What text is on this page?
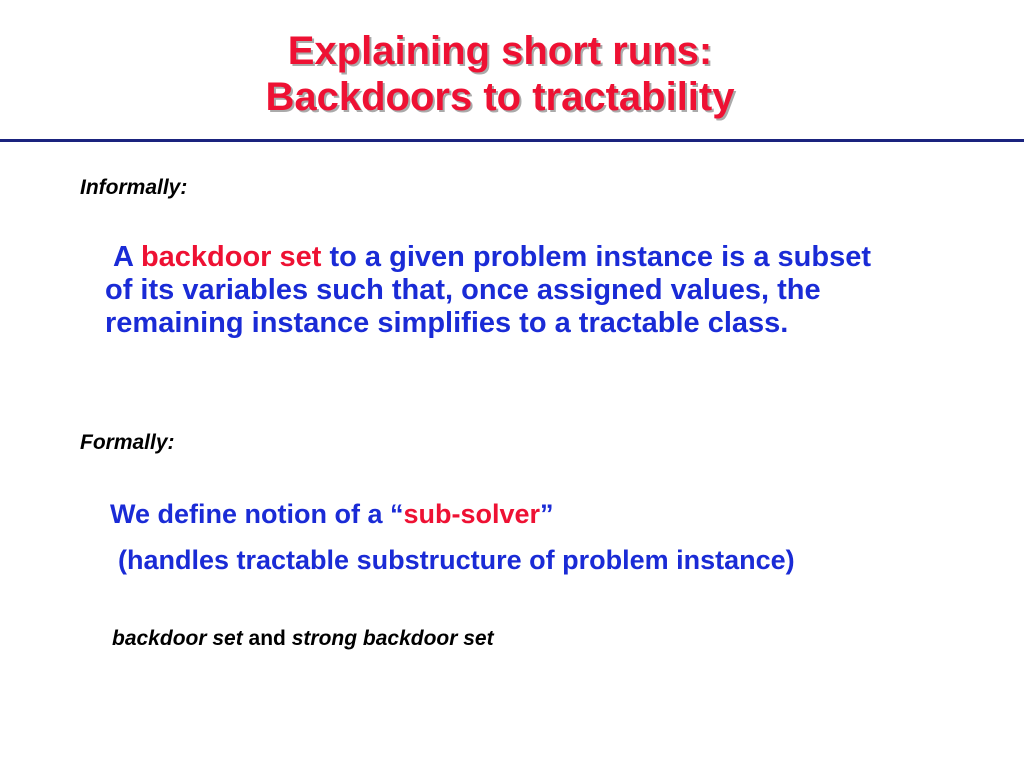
Explaining short runs:
Backdoors to tractability
Informally:
A backdoor set to a given problem instance is a subset of its variables such that, once assigned values, the remaining instance simplifies to a tractable class.
Formally:
We define notion of a “sub-solver”
(handles tractable substructure of problem instance)
backdoor set and strong backdoor set
